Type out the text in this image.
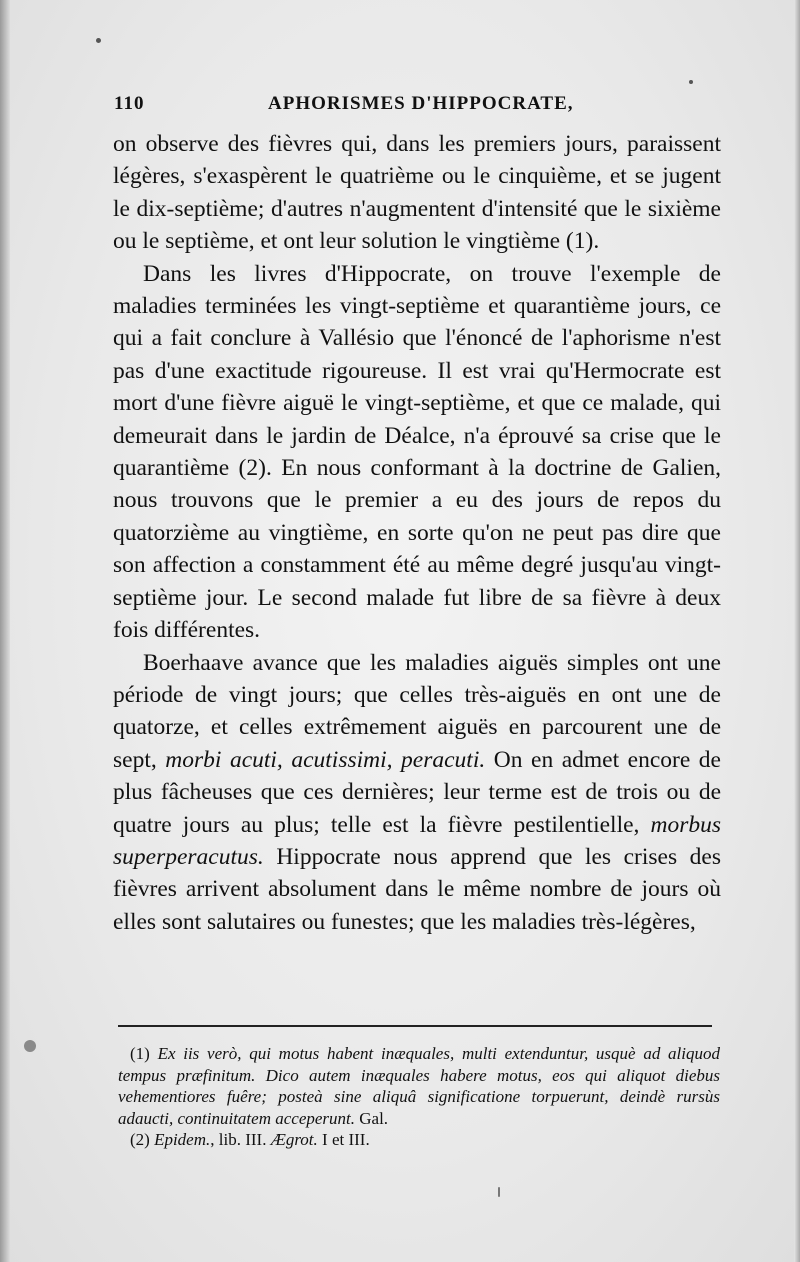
110	APHORISMES D'HIPPOCRATE,

on observe des fièvres qui, dans les premiers jours, paraissent légères, s'exaspèrent le quatrième ou le cinquième, et se jugent le dix-septième; d'autres n'augmentent d'intensité que le sixième ou le septième, et ont leur solution le vingtième (1).

Dans les livres d'Hippocrate, on trouve l'exemple de maladies terminées les vingt-septième et quarantième jours, ce qui a fait conclure à Vallésio que l'énoncé de l'aphorisme n'est pas d'une exactitude rigoureuse. Il est vrai qu'Hermocrate est mort d'une fièvre aiguë le vingt-septième, et que ce malade, qui demeurait dans le jardin de Déalce, n'a éprouvé sa crise que le quarantième (2). En nous conformant à la doctrine de Galien, nous trouvons que le premier a eu des jours de repos du quatorzième au vingtième, en sorte qu'on ne peut pas dire que son affection a constamment été au même degré jusqu'au vingt-septième jour. Le second malade fut libre de sa fièvre à deux fois différentes.

Boerhaave avance que les maladies aiguës simples ont une période de vingt jours; que celles très-aiguës en ont une de quatorze, et celles extrêmement aiguës en parcourent une de sept, morbi acuti, acutissimi, peracuti. On en admet encore de plus fâcheuses que ces dernières; leur terme est de trois ou de quatre jours au plus; telle est la fièvre pestilentielle, morbus superperacutus. Hippocrate nous apprend que les crises des fièvres arrivent absolument dans le même nombre de jours où elles sont salutaires ou funestes; que les maladies très-légères,

(1) Ex iis verò, qui motus habent inæquales, multi extenduntur, usquè ad aliquod tempus præfinitum. Dico autem inæquales habere motus, eos qui aliquot diebus vehementiores fuêre; posteà sine aliquâ significatione torpuerunt, deindè rursùs adaucti, continuitatem acceperunt. Gal.

(2) Epidem., lib. III. Ægrot. I et III.
